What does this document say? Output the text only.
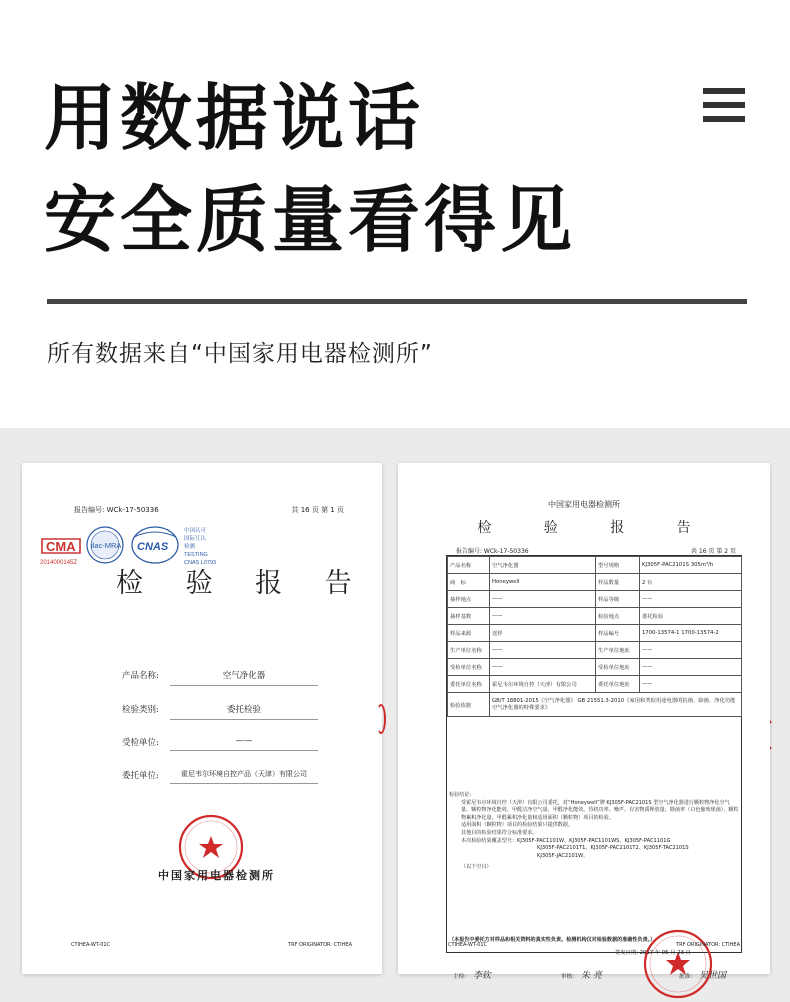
用数据说话
安全质量看得见
所有数据来自“中国家用电器检测所”
报告编号: WCk-17-50336	共 16 页 第 1 页
CMA
2014000145Z
ilac-MRA CNAS
中国认可
国际互认
检测
TESTING
CNAS L0793
检 验 报 告
产品名称:	空气净化器
检验类别:	委托检验
受检单位:	——
委托单位:	霍尼韦尔环境自控产品（天津）有限公司
中国家用电器检测所
CTIHEA-WT-01C	TRF ORIGINATOR: CTIHEA
中国家用电器检测所
检 验 报 告
报告编号: WCk-17-50336	共 16 页 第 2 页
产品名称	空气净化器	型号规格	KJ305F-PAC2101S 305m³/h
商　标	Honeywell	样品数量	2 台
抽样地点	——	样品等级	——
抽样基数	——	检验地点	委托检验
样品来源	送样	样品编号	1700-13574-1 1700-13574-2
生产单位名称	——	生产单位地址	——
受检单位名称	——	受检单位地址	——
委托单位名称	霍尼韦尔环境自控（天津）有限公司	委托单位地址	——
检验依据	GB/T 18801-2015《空气净化器》 GB 21551.3-2010《家用和类似用途电器的抗菌、除菌、净化功能 空气净化器的特殊要求》		

检验结论:

受霍尼韦尔环境自控（天津）有限公司委托，对“Honeywell”牌 KJ305F-PAC2101S 型空气净化器进行颗粒物净化空气量、颗粒物净化能效、甲醛洁净空气量、甲醛净化能效、待机功率、噪声、有害物质释放量、除菌率（白色葡萄球菌）、颗粒物累积净化量、甲醛累积净化量和适用面积（颗粒物）项目的检验。

适用面积（颗粒物）项目的检验结果只提供数据。

其他目的检验结果符合标准要求。

本次检验结果覆盖型号：KJ305F-PAC1101W、KJ305F-PAC1101WS、KJ305F-PAC1101G

KJ305F-PAC2101T1、KJ305F-PAC2101T2、KJ305F-TAC2101S

KJ305F-JAC2101W。

（以下空白）

（本报告中委托方对样品和相关资料的真实性负责。检测机构仅对检验数据的准确性负责。）
签发日期: 2017 年 06 月 23 日
主检: 李钦	审核: 朱 亮	批准: 吴世国
CTIHEA-WT-01C	TRF ORIGINATOR: CTIHEA
